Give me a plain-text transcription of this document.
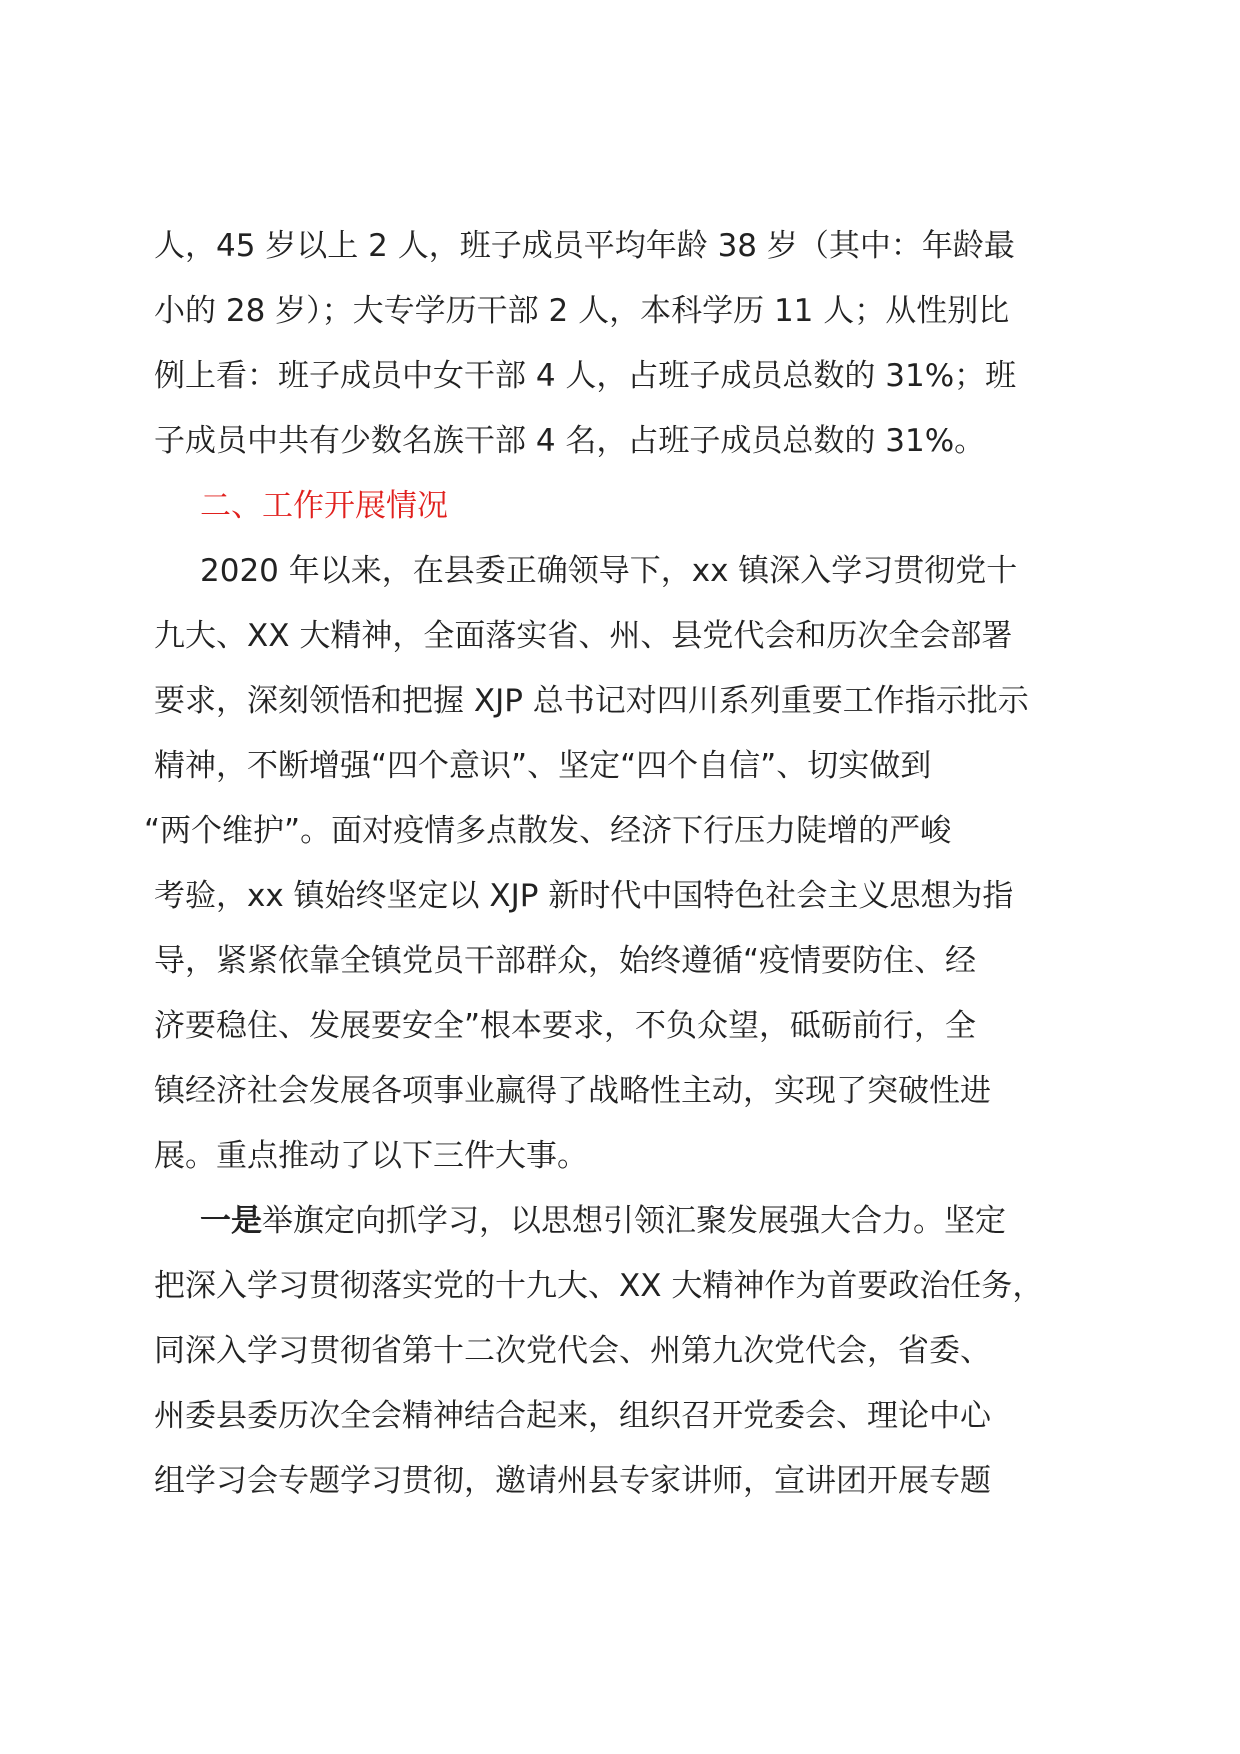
人，45 岁以上 2 人，班子成员平均年龄 38 岁（其中：年龄最
小的 28 岁）；大专学历干部 2 人，本科学历 11 人；从性别比
例上看：班子成员中女干部 4 人，占班子成员总数的 31%；班
子成员中共有少数名族干部 4 名，占班子成员总数的 31%。
二、工作开展情况
2020 年以来，在县委正确领导下，xx 镇深入学习贯彻党十
九大、XX 大精神，全面落实省、州、县党代会和历次全会部署
要求，深刻领悟和把握 XJP 总书记对四川系列重要工作指示批示
精神，不断增强“四个意识”、坚定“四个自信”、切实做到
“两个维护”。面对疫情多点散发、经济下行压力陡增的严峻
考验，xx 镇始终坚定以 XJP 新时代中国特色社会主义思想为指
导，紧紧依靠全镇党员干部群众，始终遵循“疫情要防住、经
济要稳住、发展要安全”根本要求，不负众望，砥砺前行，全
镇经济社会发展各项事业赢得了战略性主动，实现了突破性进
展。重点推动了以下三件大事。
一是举旗定向抓学习，以思想引领汇聚发展强大合力。坚定
把深入学习贯彻落实党的十九大、XX 大精神作为首要政治任务，
同深入学习贯彻省第十二次党代会、州第九次党代会，省委、
州委县委历次全会精神结合起来，组织召开党委会、理论中心
组学习会专题学习贯彻，邀请州县专家讲师，宣讲团开展专题
